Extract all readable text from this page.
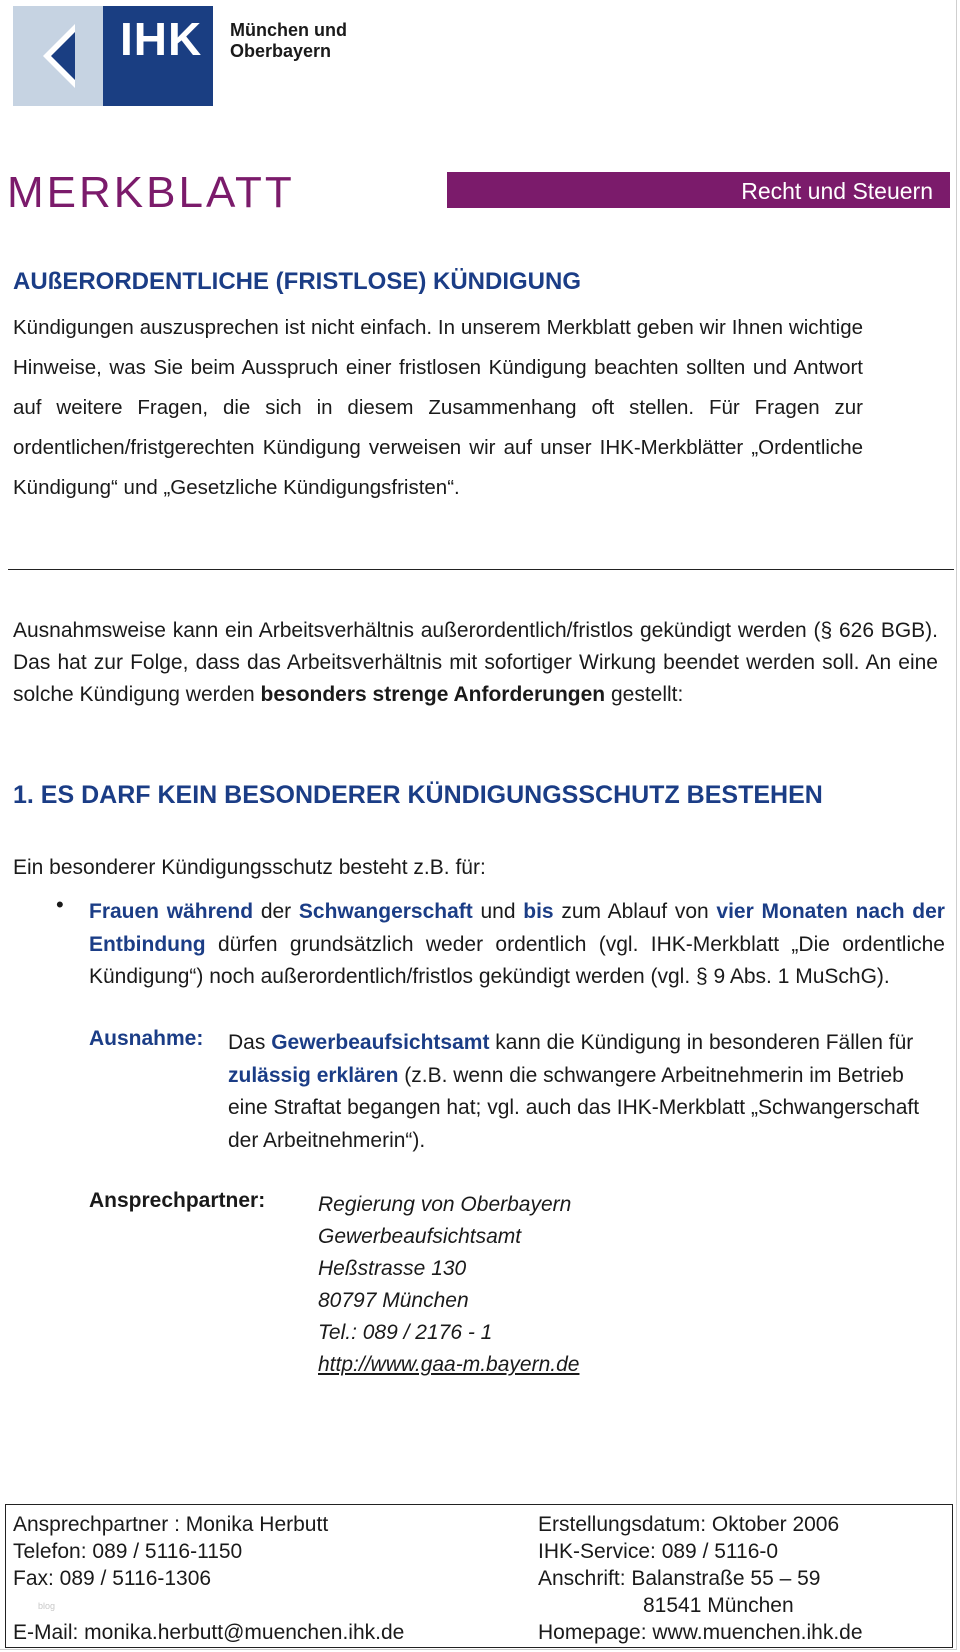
IHK München und
Oberbayern
MERKBLATT	Recht und Steuern
AUßERORDENTLICHE (FRISTLOSE) KÜNDIGUNG
Kündigungen auszusprechen ist nicht einfach. In unserem Merkblatt geben wir Ihnen wichtige Hinweise, was Sie beim Ausspruch einer fristlosen Kündigung beachten sollten und Antwort auf weitere Fragen, die sich in diesem Zusammenhang oft stellen. Für Fragen zur ordentlichen/fristgerechten Kündigung verweisen wir auf unser IHK-Merkblätter „Ordentliche Kündigung“ und „Gesetzliche Kündigungsfristen“.
Ausnahmsweise kann ein Arbeitsverhältnis außerordentlich/fristlos gekündigt werden (§ 626 BGB). Das hat zur Folge, dass das Arbeitsverhältnis mit sofortiger Wirkung beendet werden soll. An eine solche Kündigung werden besonders strenge Anforderungen gestellt:
1. ES DARF KEIN BESONDERER KÜNDIGUNGSSCHUTZ BESTEHEN
Ein besonderer Kündigungsschutz besteht z.B. für:
• Frauen während der Schwangerschaft und bis zum Ablauf von vier Monaten nach der Entbindung dürfen grundsätzlich weder ordentlich (vgl. IHK-Merkblatt „Die ordentliche Kündigung“) noch außerordentlich/fristlos gekündigt werden (vgl. § 9 Abs. 1 MuSchG).
Ausnahme: Das Gewerbeaufsichtsamt kann die Kündigung in besonderen Fällen für zulässig erklären (z.B. wenn die schwangere Arbeitnehmerin im Betrieb eine Straftat begangen hat; vgl. auch das IHK-Merkblatt „Schwangerschaft der Arbeitnehmerin“).
Ansprechpartner:	Regierung von Oberbayern
Gewerbeaufsichtsamt
Heßstrasse 130
80797 München
Tel.: 089 / 2176 - 1
http://www.gaa-m.bayern.de
Ansprechpartner : Monika Herbutt
Telefon: 089 / 5116-1150
Fax: 089 / 5116-1306

E-Mail: monika.herbutt@muenchen.ihk.de
Erstellungsdatum: Oktober 2006
IHK-Service: 089 / 5116-0
Anschrift: Balanstraße 55 – 59
81541 München
Homepage: www.muenchen.ihk.de
blog
